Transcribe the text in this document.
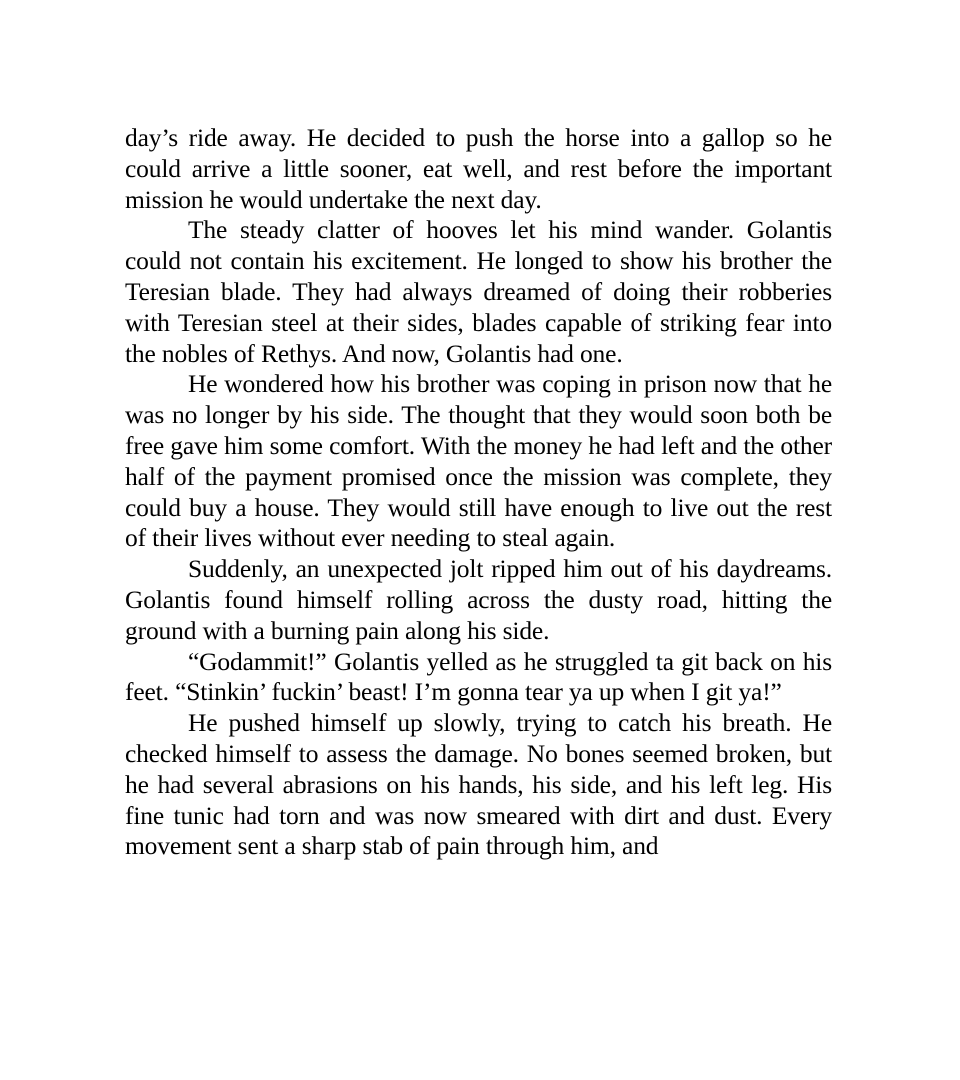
day’s ride away. He decided to push the horse into a gallop so he could arrive a little sooner, eat well, and rest before the important mission he would undertake the next day.

The steady clatter of hooves let his mind wander. Golantis could not contain his excitement. He longed to show his brother the Teresian blade. They had always dreamed of doing their robberies with Teresian steel at their sides, blades capable of striking fear into the nobles of Rethys. And now, Golantis had one.

He wondered how his brother was coping in prison now that he was no longer by his side. The thought that they would soon both be free gave him some comfort. With the money he had left and the other half of the payment promised once the mission was complete, they could buy a house. They would still have enough to live out the rest of their lives without ever needing to steal again.

Suddenly, an unexpected jolt ripped him out of his daydreams. Golantis found himself rolling across the dusty road, hitting the ground with a burning pain along his side.

“Godammit!” Golantis yelled as he struggled ta git back on his feet. “Stinkin’ fuckin’ beast! I’m gonna tear ya up when I git ya!”

He pushed himself up slowly, trying to catch his breath. He checked himself to assess the damage. No bones seemed broken, but he had several abrasions on his hands, his side, and his left leg. His fine tunic had torn and was now smeared with dirt and dust. Every movement sent a sharp stab of pain through him, and
